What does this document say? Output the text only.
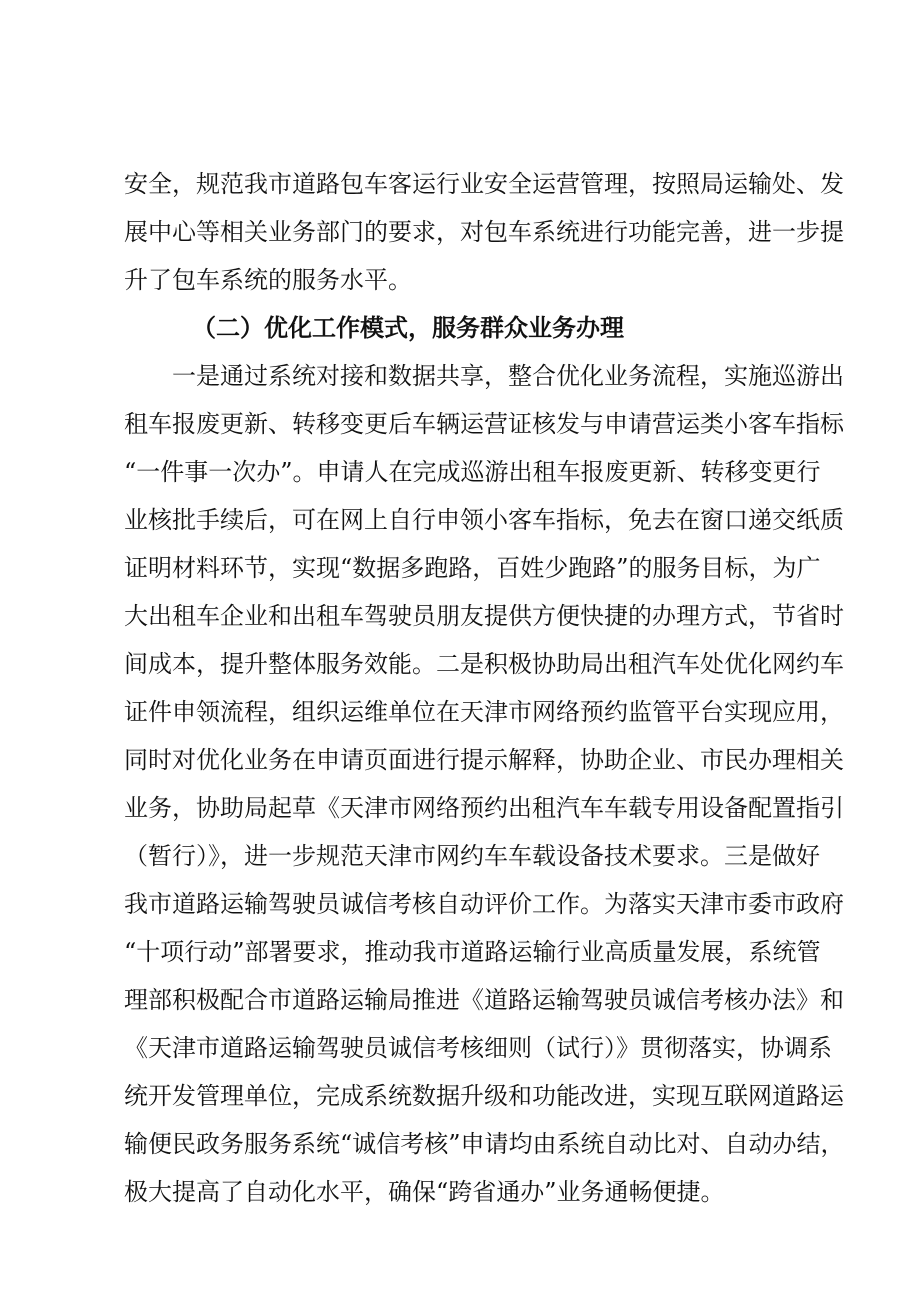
安全，规范我市道路包车客运行业安全运营管理，按照局运输处、发
展中心等相关业务部门的要求，对包车系统进行功能完善，进一步提
升了包车系统的服务水平。
（二）优化工作模式，服务群众业务办理
一是通过系统对接和数据共享，整合优化业务流程，实施巡游出
租车报废更新、转移变更后车辆运营证核发与申请营运类小客车指标
“一件事一次办”。申请人在完成巡游出租车报废更新、转移变更行
业核批手续后，可在网上自行申领小客车指标，免去在窗口递交纸质
证明材料环节，实现“数据多跑路，百姓少跑路”的服务目标，为广
大出租车企业和出租车驾驶员朋友提供方便快捷的办理方式，节省时
间成本，提升整体服务效能。二是积极协助局出租汽车处优化网约车
证件申领流程，组织运维单位在天津市网络预约监管平台实现应用，
同时对优化业务在申请页面进行提示解释，协助企业、市民办理相关
业务，协助局起草《天津市网络预约出租汽车车载专用设备配置指引
（暂行）》，进一步规范天津市网约车车载设备技术要求。三是做好
我市道路运输驾驶员诚信考核自动评价工作。为落实天津市委市政府
“十项行动”部署要求，推动我市道路运输行业高质量发展，系统管
理部积极配合市道路运输局推进《道路运输驾驶员诚信考核办法》和
《天津市道路运输驾驶员诚信考核细则（试行）》贯彻落实，协调系
统开发管理单位，完成系统数据升级和功能改进，实现互联网道路运
输便民政务服务系统“诚信考核”申请均由系统自动比对、自动办结，
极大提高了自动化水平，确保“跨省通办”业务通畅便捷。
